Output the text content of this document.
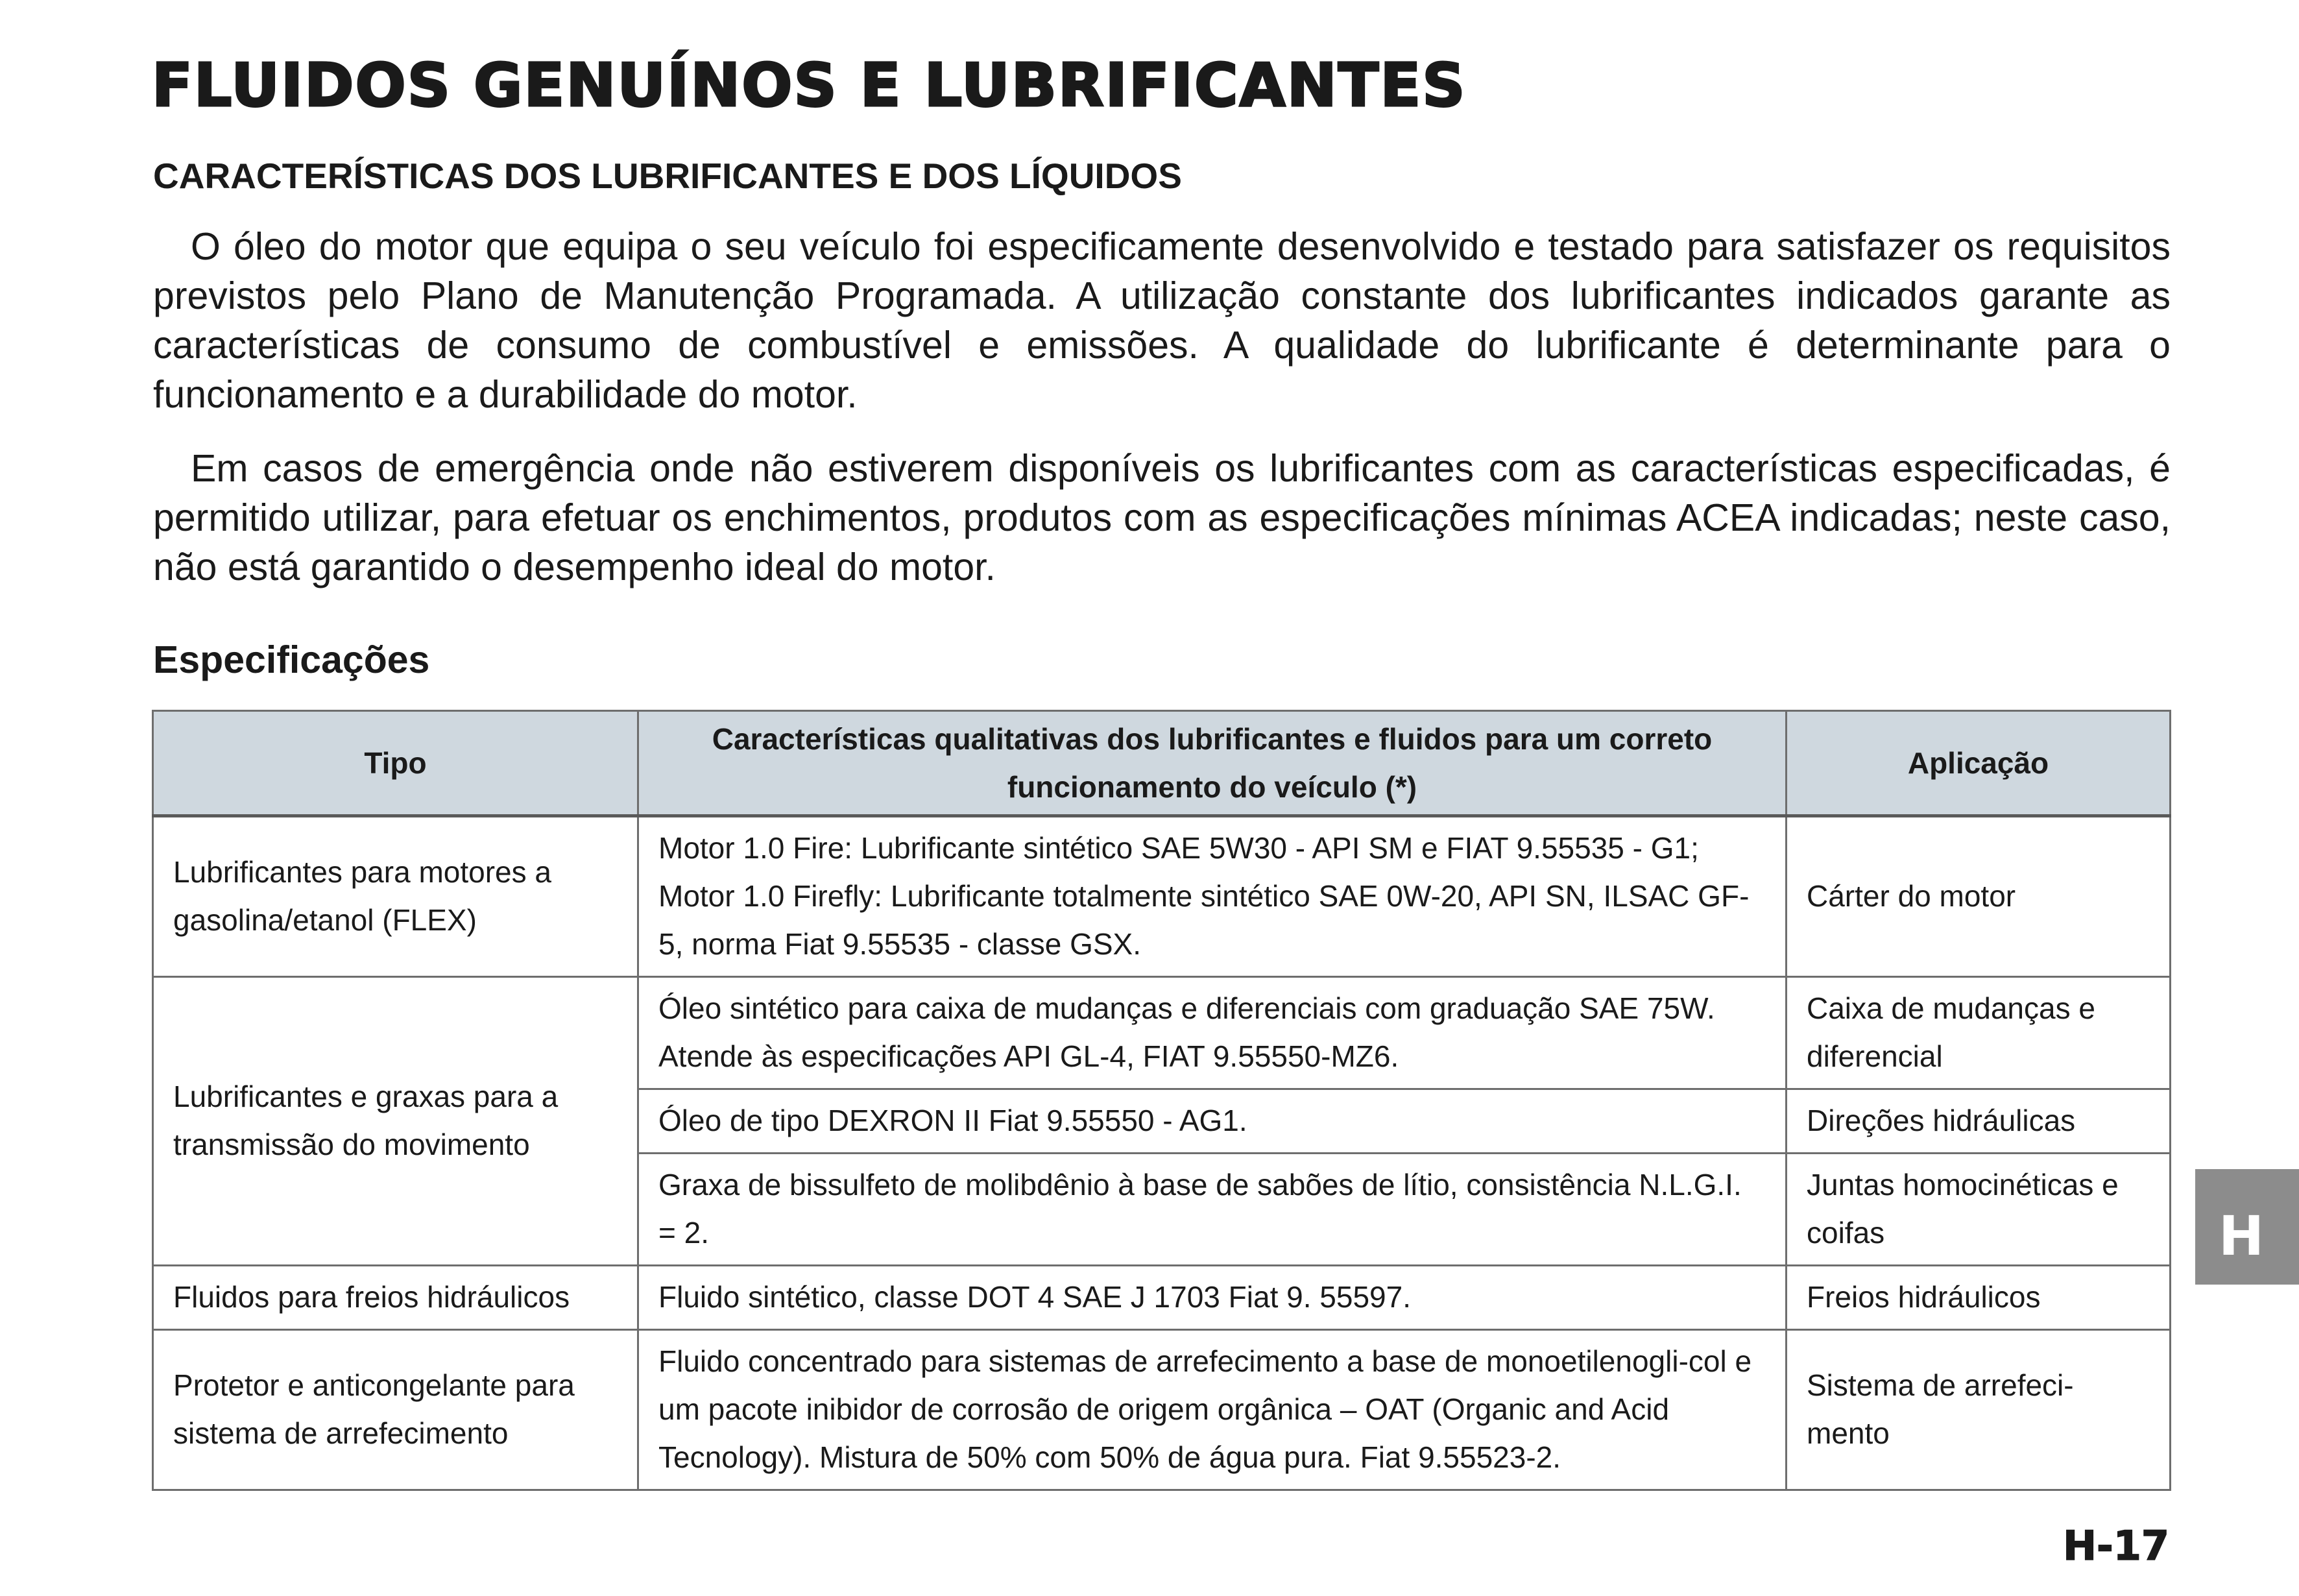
FLUIDOS GENUÍNOS E LUBRIFICANTES
CARACTERÍSTICAS DOS LUBRIFICANTES E DOS LÍQUIDOS

O óleo do motor que equipa o seu veículo foi especificamente desenvolvido e testado para satisfazer os requisitos previstos pelo Plano de Manutenção Programada. A utilização constante dos lubrificantes indicados garante as características de consumo de combustível e emissões. A qualidade do lubrificante é determinante para o funcionamento e a durabilidade do motor.

Em casos de emergência onde não estiverem disponíveis os lubrificantes com as características especificadas, é permitido utilizar, para efetuar os enchimentos, produtos com as especificações mínimas ACEA indicadas; neste caso, não está garantido o desempenho ideal do motor.

Especificações
Tipo	Características qualitativas dos lubrificantes e fluidos para um correto funcionamento do veículo (*)	Aplicação
Lubrificantes para motores a gasolina/etanol (FLEX)	Motor 1.0 Fire: Lubrificante sintético SAE 5W30 - API SM e FIAT 9.55535 - G1; Motor 1.0 Firefly: Lubrificante totalmente sintético SAE 0W-20, API SN, ILSAC GF-5, norma Fiat 9.55535 - classe GSX.	Cárter do motor
Lubrificantes e graxas para a transmissão do movimento	Óleo sintético para caixa de mudanças e diferenciais com graduação SAE 75W. Atende às especificações API GL-4, FIAT 9.55550-MZ6.	Caixa de mudanças e diferencial
	Óleo de tipo DEXRON II Fiat 9.55550 - AG1.	Direções hidráulicas
	Graxa de bissulfeto de molibdênio à base de sabões de lítio, consistência N.L.G.I. = 2.	Juntas homocinéticas e coifas
Fluidos para freios hidráulicos	Fluido sintético, classe DOT 4 SAE J 1703 Fiat 9. 55597.	Freios hidráulicos
Protetor e anticongelante para sistema de arrefecimento	Fluido concentrado para sistemas de arrefecimento a base de monoetilenogli-col e um pacote inibidor de corrosão de origem orgânica – OAT (Organic and Acid Tecnology). Mistura de 50% com 50% de água pura. Fiat 9.55523-2.	Sistema de arrefeci-mento
H

H-17
